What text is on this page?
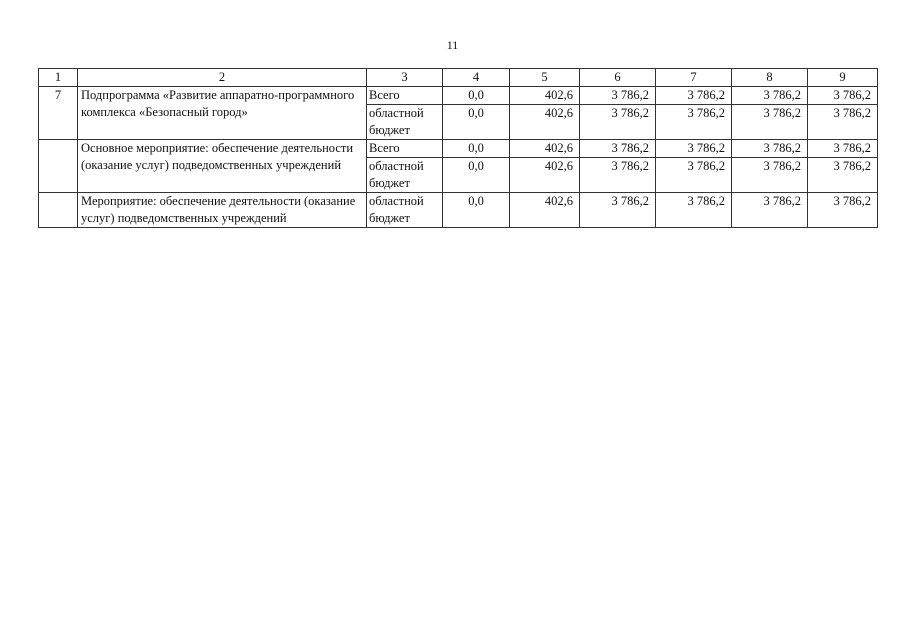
11
1	2	3	4	5	6	7	8	9
7	Подпрограмма «Развитие аппаратно-программного комплекса «Безопасный город»	Всего	0,0	402,6	3 786,2	3 786,2	3 786,2	3 786,2
		областной бюджет	0,0	402,6	3 786,2	3 786,2	3 786,2	3 786,2
	Основное мероприятие: обеспечение деятельности (оказание услуг) подведомственных учреждений	Всего	0,0	402,6	3 786,2	3 786,2	3 786,2	3 786,2
		областной бюджет	0,0	402,6	3 786,2	3 786,2	3 786,2	3 786,2
	Мероприятие: обеспечение деятельности (оказание услуг) подведомственных учреждений	областной бюджет	0,0	402,6	3 786,2	3 786,2	3 786,2	3 786,2
